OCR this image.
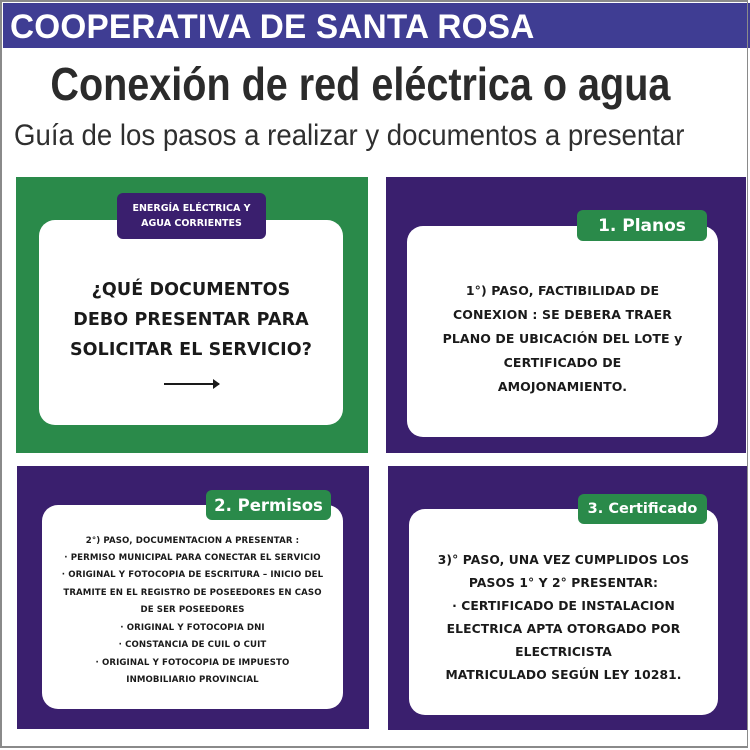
COOPERATIVA DE SANTA ROSA
Conexión de red eléctrica o agua
Guía de los pasos a realizar y documentos a presentar
¿QUÉ DOCUMENTOS
DEBO PRESENTAR PARA
SOLICITAR EL SERVICIO?
ENERGÍA ELÉCTRICA Y
AGUA CORRIENTES
1°) PASO, FACTIBILIDAD DE
CONEXION : SE DEBERA TRAER
PLANO DE UBICACIÓN DEL LOTE y
CERTIFICADO DE
AMOJONAMIENTO.
1. Planos
2°) PASO, DOCUMENTACION A PRESENTAR :
· PERMISO MUNICIPAL PARA CONECTAR EL SERVICIO
· ORIGINAL Y FOTOCOPIA DE ESCRITURA – INICIO DEL
TRAMITE EN EL REGISTRO DE POSEEDORES EN CASO
DE SER POSEEDORES
· ORIGINAL Y FOTOCOPIA DNI
· CONSTANCIA DE CUIL O CUIT
· ORIGINAL Y FOTOCOPIA DE IMPUESTO
INMOBILIARIO PROVINCIAL
2. Permisos
3)° PASO, UNA VEZ CUMPLIDOS LOS
PASOS 1° Y 2° PRESENTAR:
· CERTIFICADO DE INSTALACION
ELECTRICA APTA OTORGADO POR
ELECTRICISTA
MATRICULADO SEGÚN LEY 10281.
3. Certificado
